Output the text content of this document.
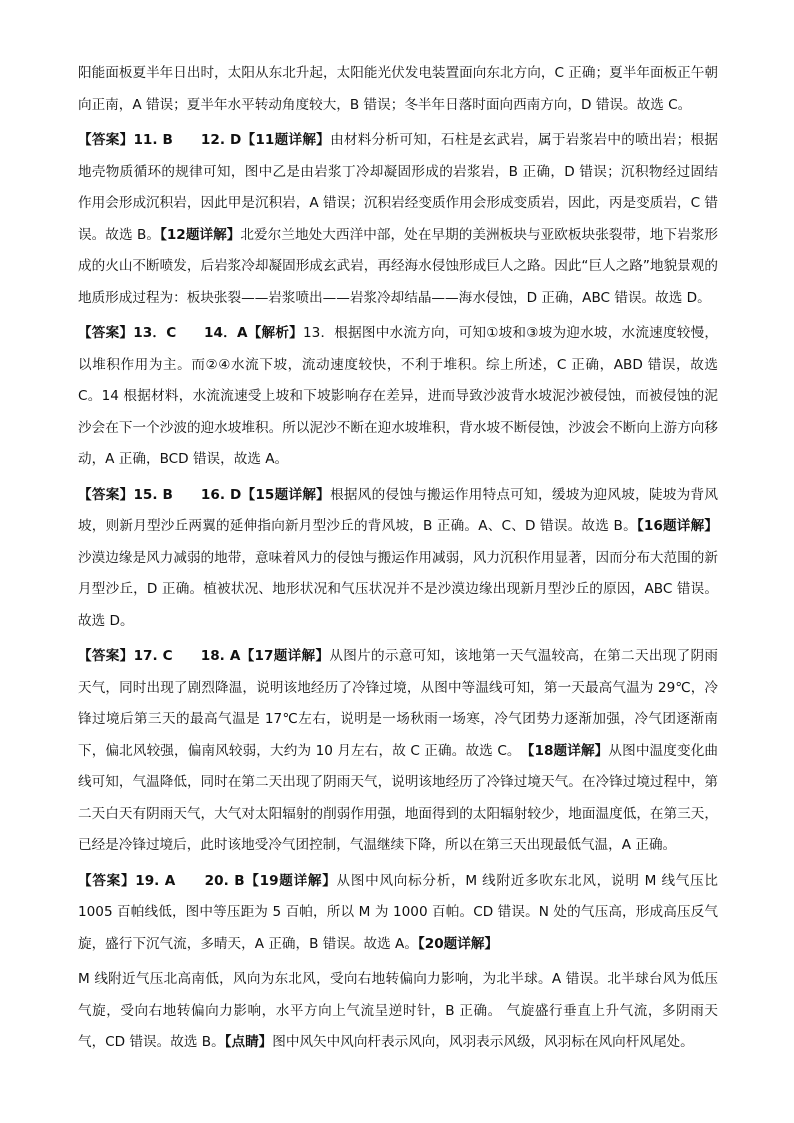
阳能面板夏半年日出时，太阳从东北升起，太阳能光伏发电装置面向东北方向，C 正确；夏半年面板正午朝向正南，A 错误；夏半年水平转动角度较大，B 错误；冬半年日落时面向西南方向，D 错误。故选 C。

【答案】11. B　　12. D【11题详解】由材料分析可知，石柱是玄武岩，属于岩浆岩中的喷出岩；根据地壳物质循环的规律可知，图中乙是由岩浆丁冷却凝固形成的岩浆岩，B 正确，D 错误；沉积物经过固结作用会形成沉积岩，因此甲是沉积岩，A 错误；沉积岩经变质作用会形成变质岩，因此，丙是变质岩，C 错误。故选 B。【12题详解】北爱尔兰地处大西洋中部，处在早期的美洲板块与亚欧板块张裂带，地下岩浆形成的火山不断喷发，后岩浆冷却凝固形成玄武岩，再经海水侵蚀形成巨人之路。因此“巨人之路”地貌景观的地质形成过程为：板块张裂——岩浆喷出——岩浆冷却结晶——海水侵蚀，D 正确，ABC 错误。故选 D。

【答案】13．C　　14．A【解析】13．根据图中水流方向，可知①坡和③坡为迎水坡，水流速度较慢，以堆积作用为主。而②④水流下坡，流动速度较快，不利于堆积。综上所述，C 正确，ABD 错误，故选 C。14 根据材料，水流流速受上坡和下坡影响存在差异，进而导致沙波背水坡泥沙被侵蚀，而被侵蚀的泥沙会在下一个沙波的迎水坡堆积。所以泥沙不断在迎水坡堆积，背水坡不断侵蚀，沙波会不断向上游方向移动，A 正确，BCD 错误，故选 A。

【答案】15. B　　16. D【15题详解】根据风的侵蚀与搬运作用特点可知，缓坡为迎风坡，陡坡为背风坡，则新月型沙丘两翼的延伸指向新月型沙丘的背风坡，B 正确。A、C、D 错误。故选 B。【16题详解】沙漠边缘是风力减弱的地带，意味着风力的侵蚀与搬运作用减弱，风力沉积作用显著，因而分布大范围的新月型沙丘，D 正确。植被状况、地形状况和气压状况并不是沙漠边缘出现新月型沙丘的原因，ABC 错误。故选 D。

【答案】17. C　　18. A【17题详解】从图片的示意可知，该地第一天气温较高，在第二天出现了阴雨天气，同时出现了剧烈降温，说明该地经历了冷锋过境，从图中等温线可知，第一天最高气温为 29℃，冷锋过境后第三天的最高气温是 17℃左右，说明是一场秋雨一场寒，冷气团势力逐渐加强，冷气团逐渐南下，偏北风较强，偏南风较弱，大约为 10 月左右，故 C 正确。故选 C。　【18题详解】从图中温度变化曲线可知，气温降低，同时在第二天出现了阴雨天气，说明该地经历了冷锋过境天气。在冷锋过境过程中，第二天白天有阴雨天气，大气对太阳辐射的削弱作用强，地面得到的太阳辐射较少，地面温度低，在第三天，已经是冷锋过境后，此时该地受冷气团控制，气温继续下降，所以在第三天出现最低气温，A 正确。

【答案】19. A　　20. B【19题详解】从图中风向标分析，M 线附近多吹东北风，说明 M 线气压比 1005 百帕线低，图中等压距为 5 百帕，所以 M 为 1000 百帕。CD 错误。N 处的气压高，形成高压反气旋，盛行下沉气流，多晴天，A 正确，B 错误。故选 A。【20题详解】

M 线附近气压北高南低，风向为东北风，受向右地转偏向力影响，为北半球。A 错误。北半球台风为低压气旋，受向右地转偏向力影响，水平方向上气流呈逆时针，B 正确。 气旋盛行垂直上升气流，多阴雨天气，CD 错误。故选 B。【点睛】图中风矢中风向杆表示风向，风羽表示风级，风羽标在风向杆风尾处。
